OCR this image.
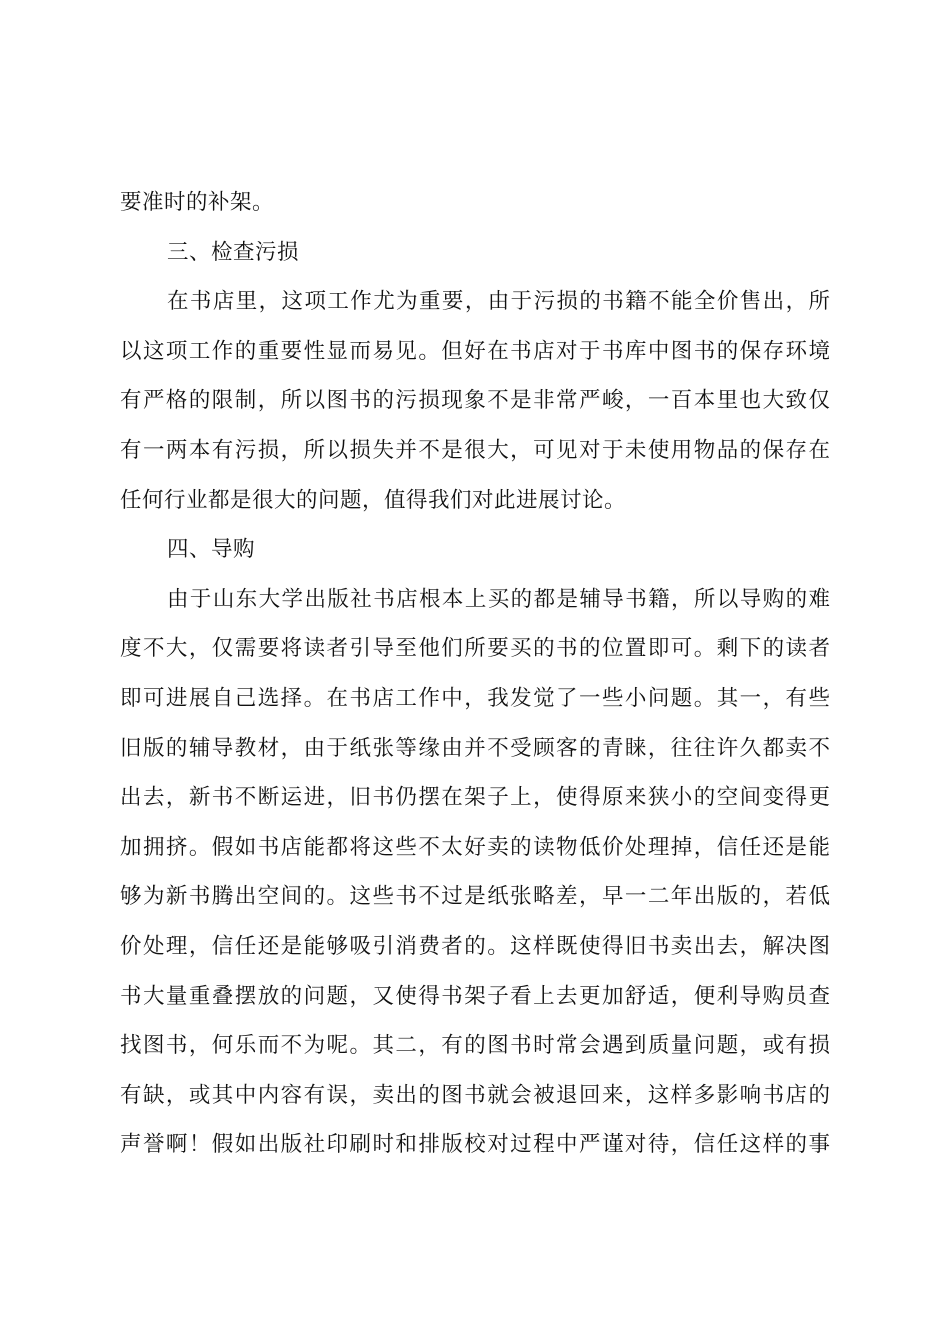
要准时的补架。
三、检查污损
在书店里，这项工作尤为重要，由于污损的书籍不能全价售出，所
以这项工作的重要性显而易见。但好在书店对于书库中图书的保存环境
有严格的限制，所以图书的污损现象不是非常严峻，一百本里也大致仅
有一两本有污损，所以损失并不是很大，可见对于未使用物品的保存在
任何行业都是很大的问题，值得我们对此进展讨论。
四、导购
由于山东大学出版社书店根本上买的都是辅导书籍，所以导购的难
度不大，仅需要将读者引导至他们所要买的书的位置即可。剩下的读者
即可进展自己选择。在书店工作中，我发觉了一些小问题。其一，有些
旧版的辅导教材，由于纸张等缘由并不受顾客的青睐，往往许久都卖不
出去，新书不断运进，旧书仍摆在架子上，使得原来狭小的空间变得更
加拥挤。假如书店能都将这些不太好卖的读物低价处理掉，信任还是能
够为新书腾出空间的。这些书不过是纸张略差，早一二年出版的，若低
价处理，信任还是能够吸引消费者的。这样既使得旧书卖出去，解决图
书大量重叠摆放的问题，又使得书架子看上去更加舒适，便利导购员查
找图书，何乐而不为呢。其二，有的图书时常会遇到质量问题，或有损
有缺，或其中内容有误，卖出的图书就会被退回来，这样多影响书店的
声誉啊！假如出版社印刷时和排版校对过程中严谨对待，信任这样的事
